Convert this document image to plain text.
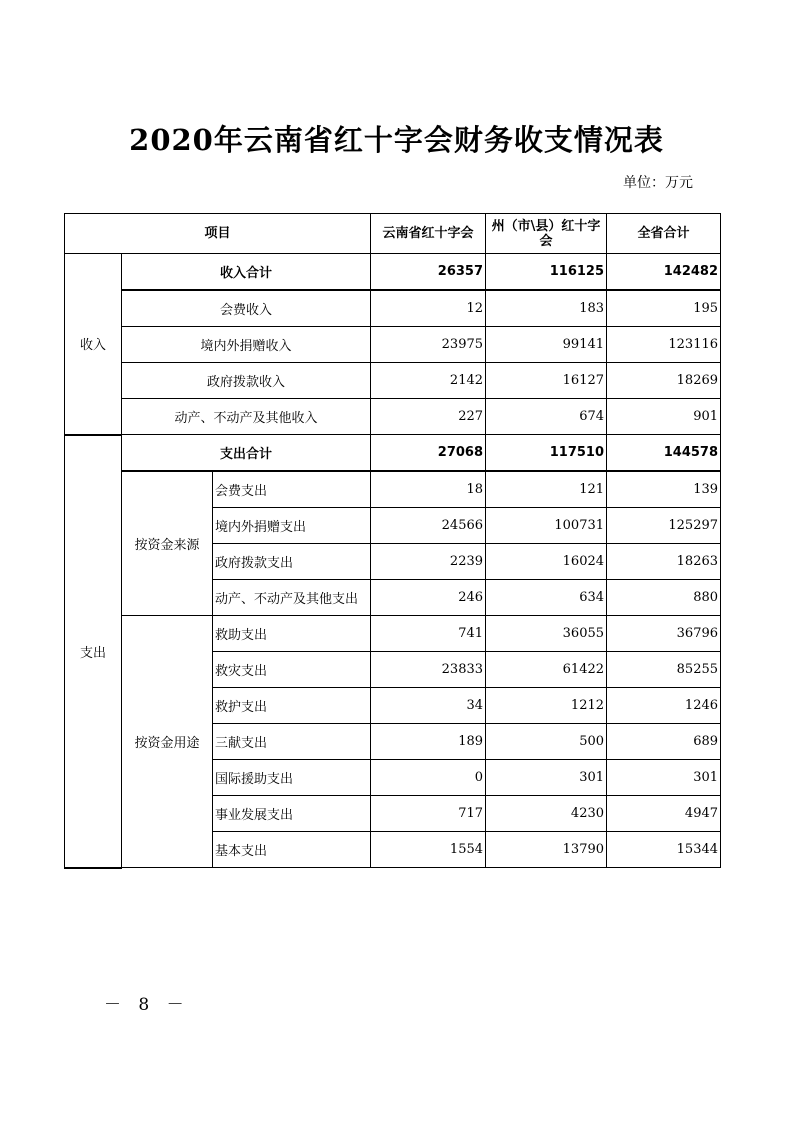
2020年云南省红十字会财务收支情况表
单位：万元
项目			云南省红十字会	州（市\县）红十字会	全省合计
收入	收入合计		26357	116125	142482
	会费收入		12	183	195
	境内外捐赠收入		23975	99141	123116
	政府拨款收入		2142	16127	18269
	动产、不动产及其他收入		227	674	901
支出	支出合计		27068	117510	144578
	按资金来源	会费支出	18	121	139
		境内外捐赠支出	24566	100731	125297
		政府拨款支出	2239	16024	18263
		动产、不动产及其他支出	246	634	880
	按资金用途	救助支出	741	36055	36796
		救灾支出	23833	61422	85255
		救护支出	34	1212	1246
		三献支出	189	500	689
		国际援助支出	0	301	301
		事业发展支出	717	4230	4947
		基本支出	1554	13790	15344
－ 8 －
